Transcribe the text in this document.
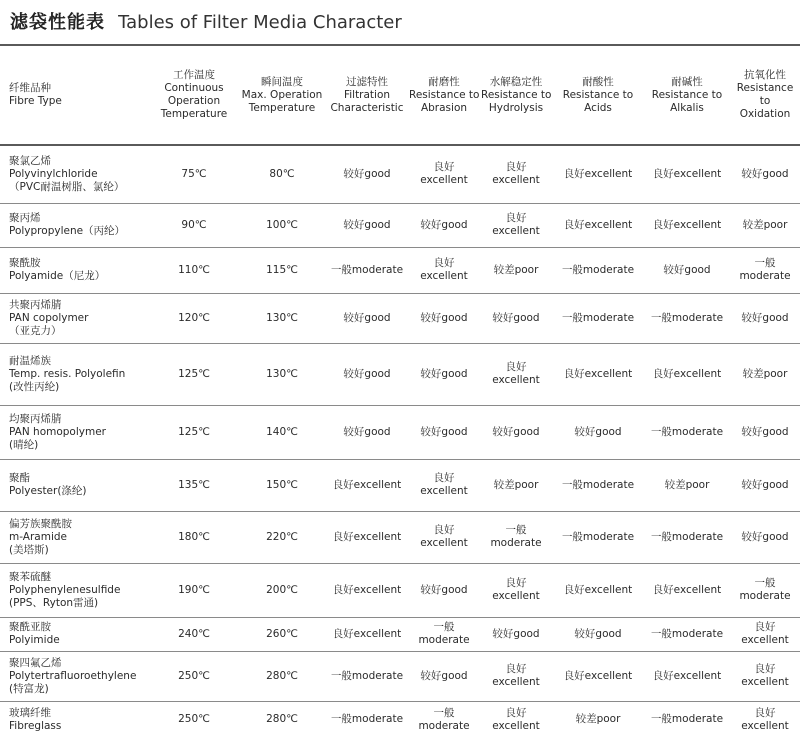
滤袋性能表 Tables of Filter Media Character
纤维品种
Fibre Type	工作温度
Continuous
Operation
Temperature	瞬间温度
Max. Operation
Temperature	过滤特性
Filtration
Characteristic	耐磨性
Resistance to
Abrasion	水解稳定性
Resistance to
Hydrolysis	耐酸性
Resistance to
Acids	耐碱性
Resistance to
Alkalis	抗氧化性
Resistance
to
Oxidation

聚氯乙烯
Polyvinylchloride
（PVC耐温树脂、氯纶）	75℃	80℃	较好good	良好
excellent	良好
excellent	良好excellent	良好excellent	较好good

聚丙烯
Polypropylene（丙纶）	90℃	100℃	较好good	较好good	良好
excellent	良好excellent	良好excellent	较差poor

聚酰胺
Polyamide（尼龙）	110℃	115℃	一般moderate	良好
excellent	较差poor	一般moderate	较好good	一般
moderate

共聚丙烯腈
PAN copolymer
（亚克力）	120℃	130℃	较好good	较好good	较好good	一般moderate	一般moderate	较好good

耐温烯族
Temp. resis. Polyolefin
(改性丙纶)	125℃	130℃	较好good	较好good	良好
excellent	良好excellent	良好excellent	较差poor

均聚丙烯腈
PAN homopolymer
(晴纶)	125℃	140℃	较好good	较好good	较好good	较好good	一般moderate	较好good

聚酯
Polyester(涤纶)	135℃	150℃	良好excellent	良好
excellent	较差poor	一般moderate	较差poor	较好good

偏芳族聚酰胺
m-Aramide
(美塔斯)	180℃	220℃	良好excellent	良好
excellent	一般
moderate	一般moderate	一般moderate	较好good

聚苯硫醚
Polyphenylenesulfide
(PPS、Ryton雷通)	190℃	200℃	良好excellent	较好good	良好
excellent	良好excellent	良好excellent	一般
moderate

聚酰亚胺
Polyimide	240℃	260℃	良好excellent	一般
moderate	较好good	较好good	一般moderate	良好
excellent

聚四氟乙烯
Polytertrafluoroethylene
(特富龙)	250℃	280℃	一般moderate	较好good	良好
excellent	良好excellent	良好excellent	良好
excellent

玻璃纤维
Fibreglass	250℃	280℃	一般moderate	一般
moderate	良好
excellent	较差poor	一般moderate	良好
excellent
